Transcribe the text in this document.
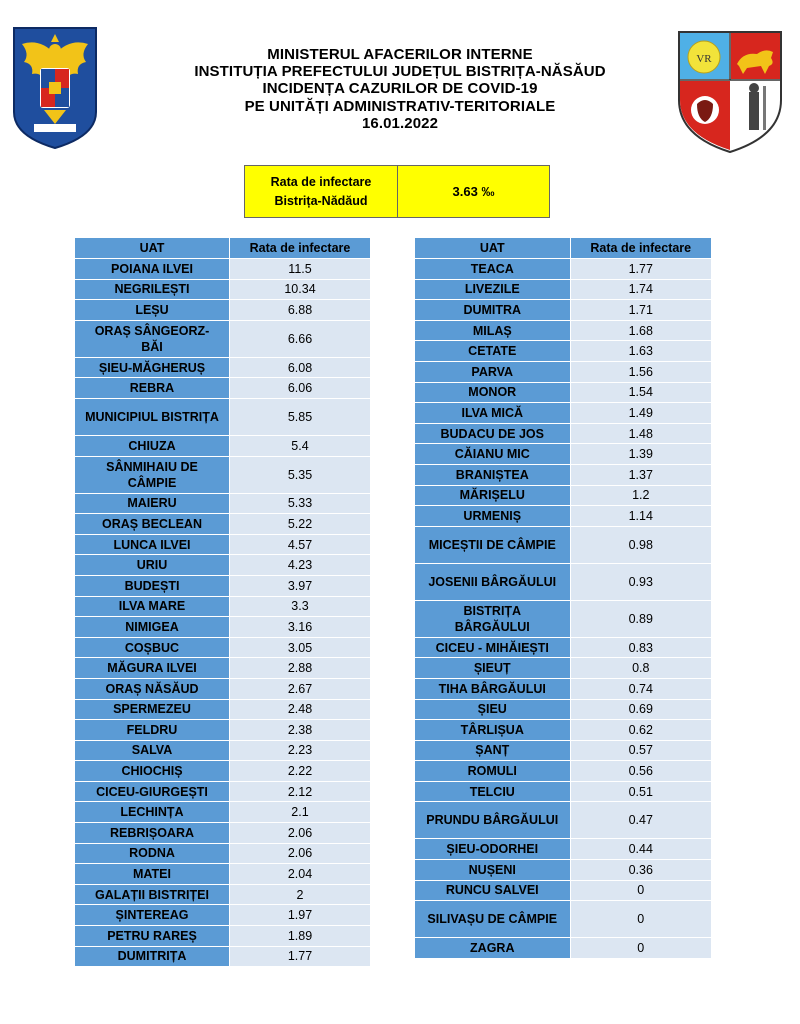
MINISTERUL AFACERILOR INTERNE
INSTITUȚIA PREFECTULUI JUDEȚUL BISTRIȚA-NĂSĂUD
INCIDENȚA CAZURILOR DE COVID-19
PE UNITĂȚI ADMINISTRATIV-TERITORIALE
16.01.2022
VR
Rata de infectare
Bistrița-Nădăud
3.63 ‰
UAT	Rata de infectare
POIANA ILVEI	11.5
NEGRILEȘTI	10.34
LEȘU	6.88
ORAȘ SÂNGEORZ-BĂI	6.66
ȘIEU-MĂGHERUȘ	6.08
REBRA	6.06
MUNICIPIUL BISTRIȚA	5.85
CHIUZA	5.4
SÂNMIHAIU DE CÂMPIE	5.35
MAIERU	5.33
ORAȘ BECLEAN	5.22
LUNCA ILVEI	4.57
URIU	4.23
BUDEȘTI	3.97
ILVA MARE	3.3
NIMIGEA	3.16
COȘBUC	3.05
MĂGURA ILVEI	2.88
ORAȘ NĂSĂUD	2.67
SPERMEZEU	2.48
FELDRU	2.38
SALVA	2.23
CHIOCHIȘ	2.22
CICEU-GIURGEȘTI	2.12
LECHINȚA	2.1
REBRIȘOARA	2.06
RODNA	2.06
MATEI	2.04
GALAȚII BISTRIȚEI	2
ȘINTEREAG	1.97
PETRU RAREȘ	1.89
DUMITRIȚA	1.77
UAT	Rata de infectare
TEACA	1.77
LIVEZILE	1.74
DUMITRA	1.71
MILAȘ	1.68
CETATE	1.63
PARVA	1.56
MONOR	1.54
ILVA MICĂ	1.49
BUDACU DE JOS	1.48
CĂIANU MIC	1.39
BRANIȘTEA	1.37
MĂRIȘELU	1.2
URMENIȘ	1.14
MICEȘTII DE CÂMPIE	0.98
JOSENII BÂRGĂULUI	0.93
BISTRIȚA BÂRGĂULUI	0.89
CICEU - MIHĂIEȘTI	0.83
ȘIEUȚ	0.8
TIHA BÂRGĂULUI	0.74
ȘIEU	0.69
TÂRLIȘUA	0.62
ȘANȚ	0.57
ROMULI	0.56
TELCIU	0.51
PRUNDU BÂRGĂULUI	0.47
ȘIEU-ODORHEI	0.44
NUȘENI	0.36
RUNCU SALVEI	0
SILIVAȘU DE CÂMPIE	0
ZAGRA	0
